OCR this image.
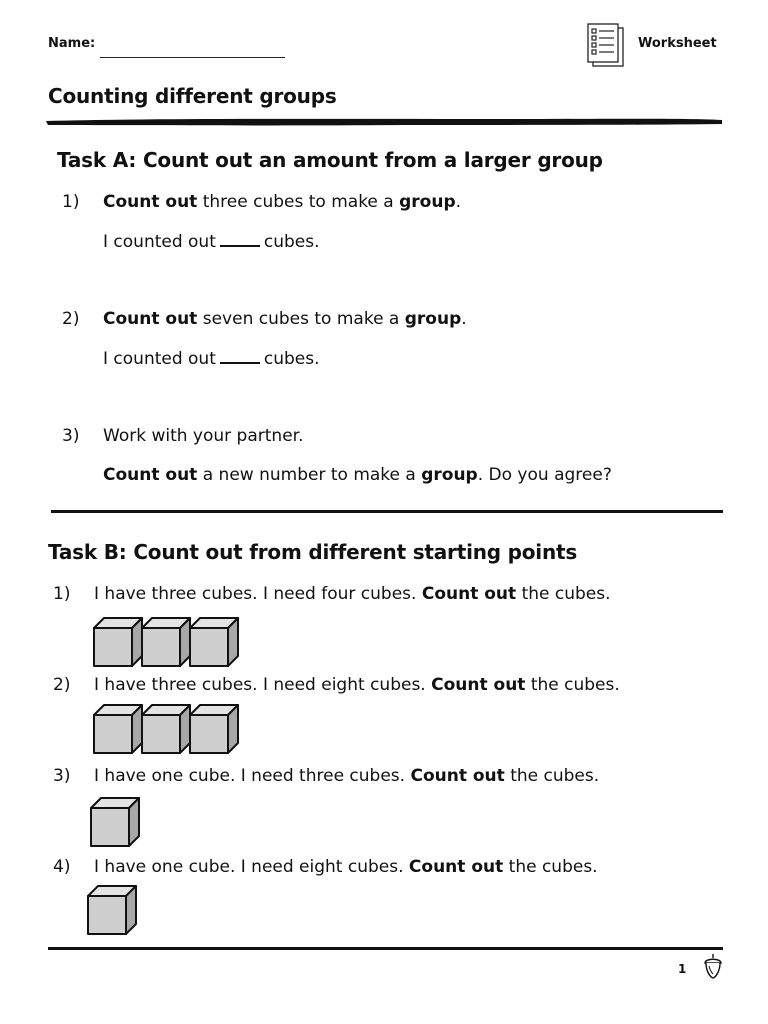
Name:	Worksheet
Counting different groups
Task A: Count out an amount from a larger group
1) Count out three cubes to make a group.
I counted out	cubes.
2) Count out seven cubes to make a group.
I counted out	cubes.
3) Work with your partner.
Count out a new number to make a group. Do you agree?
Task B: Count out from different starting points
1) I have three cubes. I need four cubes. Count out the cubes.
2) I have three cubes. I need eight cubes. Count out the cubes.
3) I have one cube. I need three cubes. Count out the cubes.
4) I have one cube. I need eight cubes. Count out the cubes.
1
